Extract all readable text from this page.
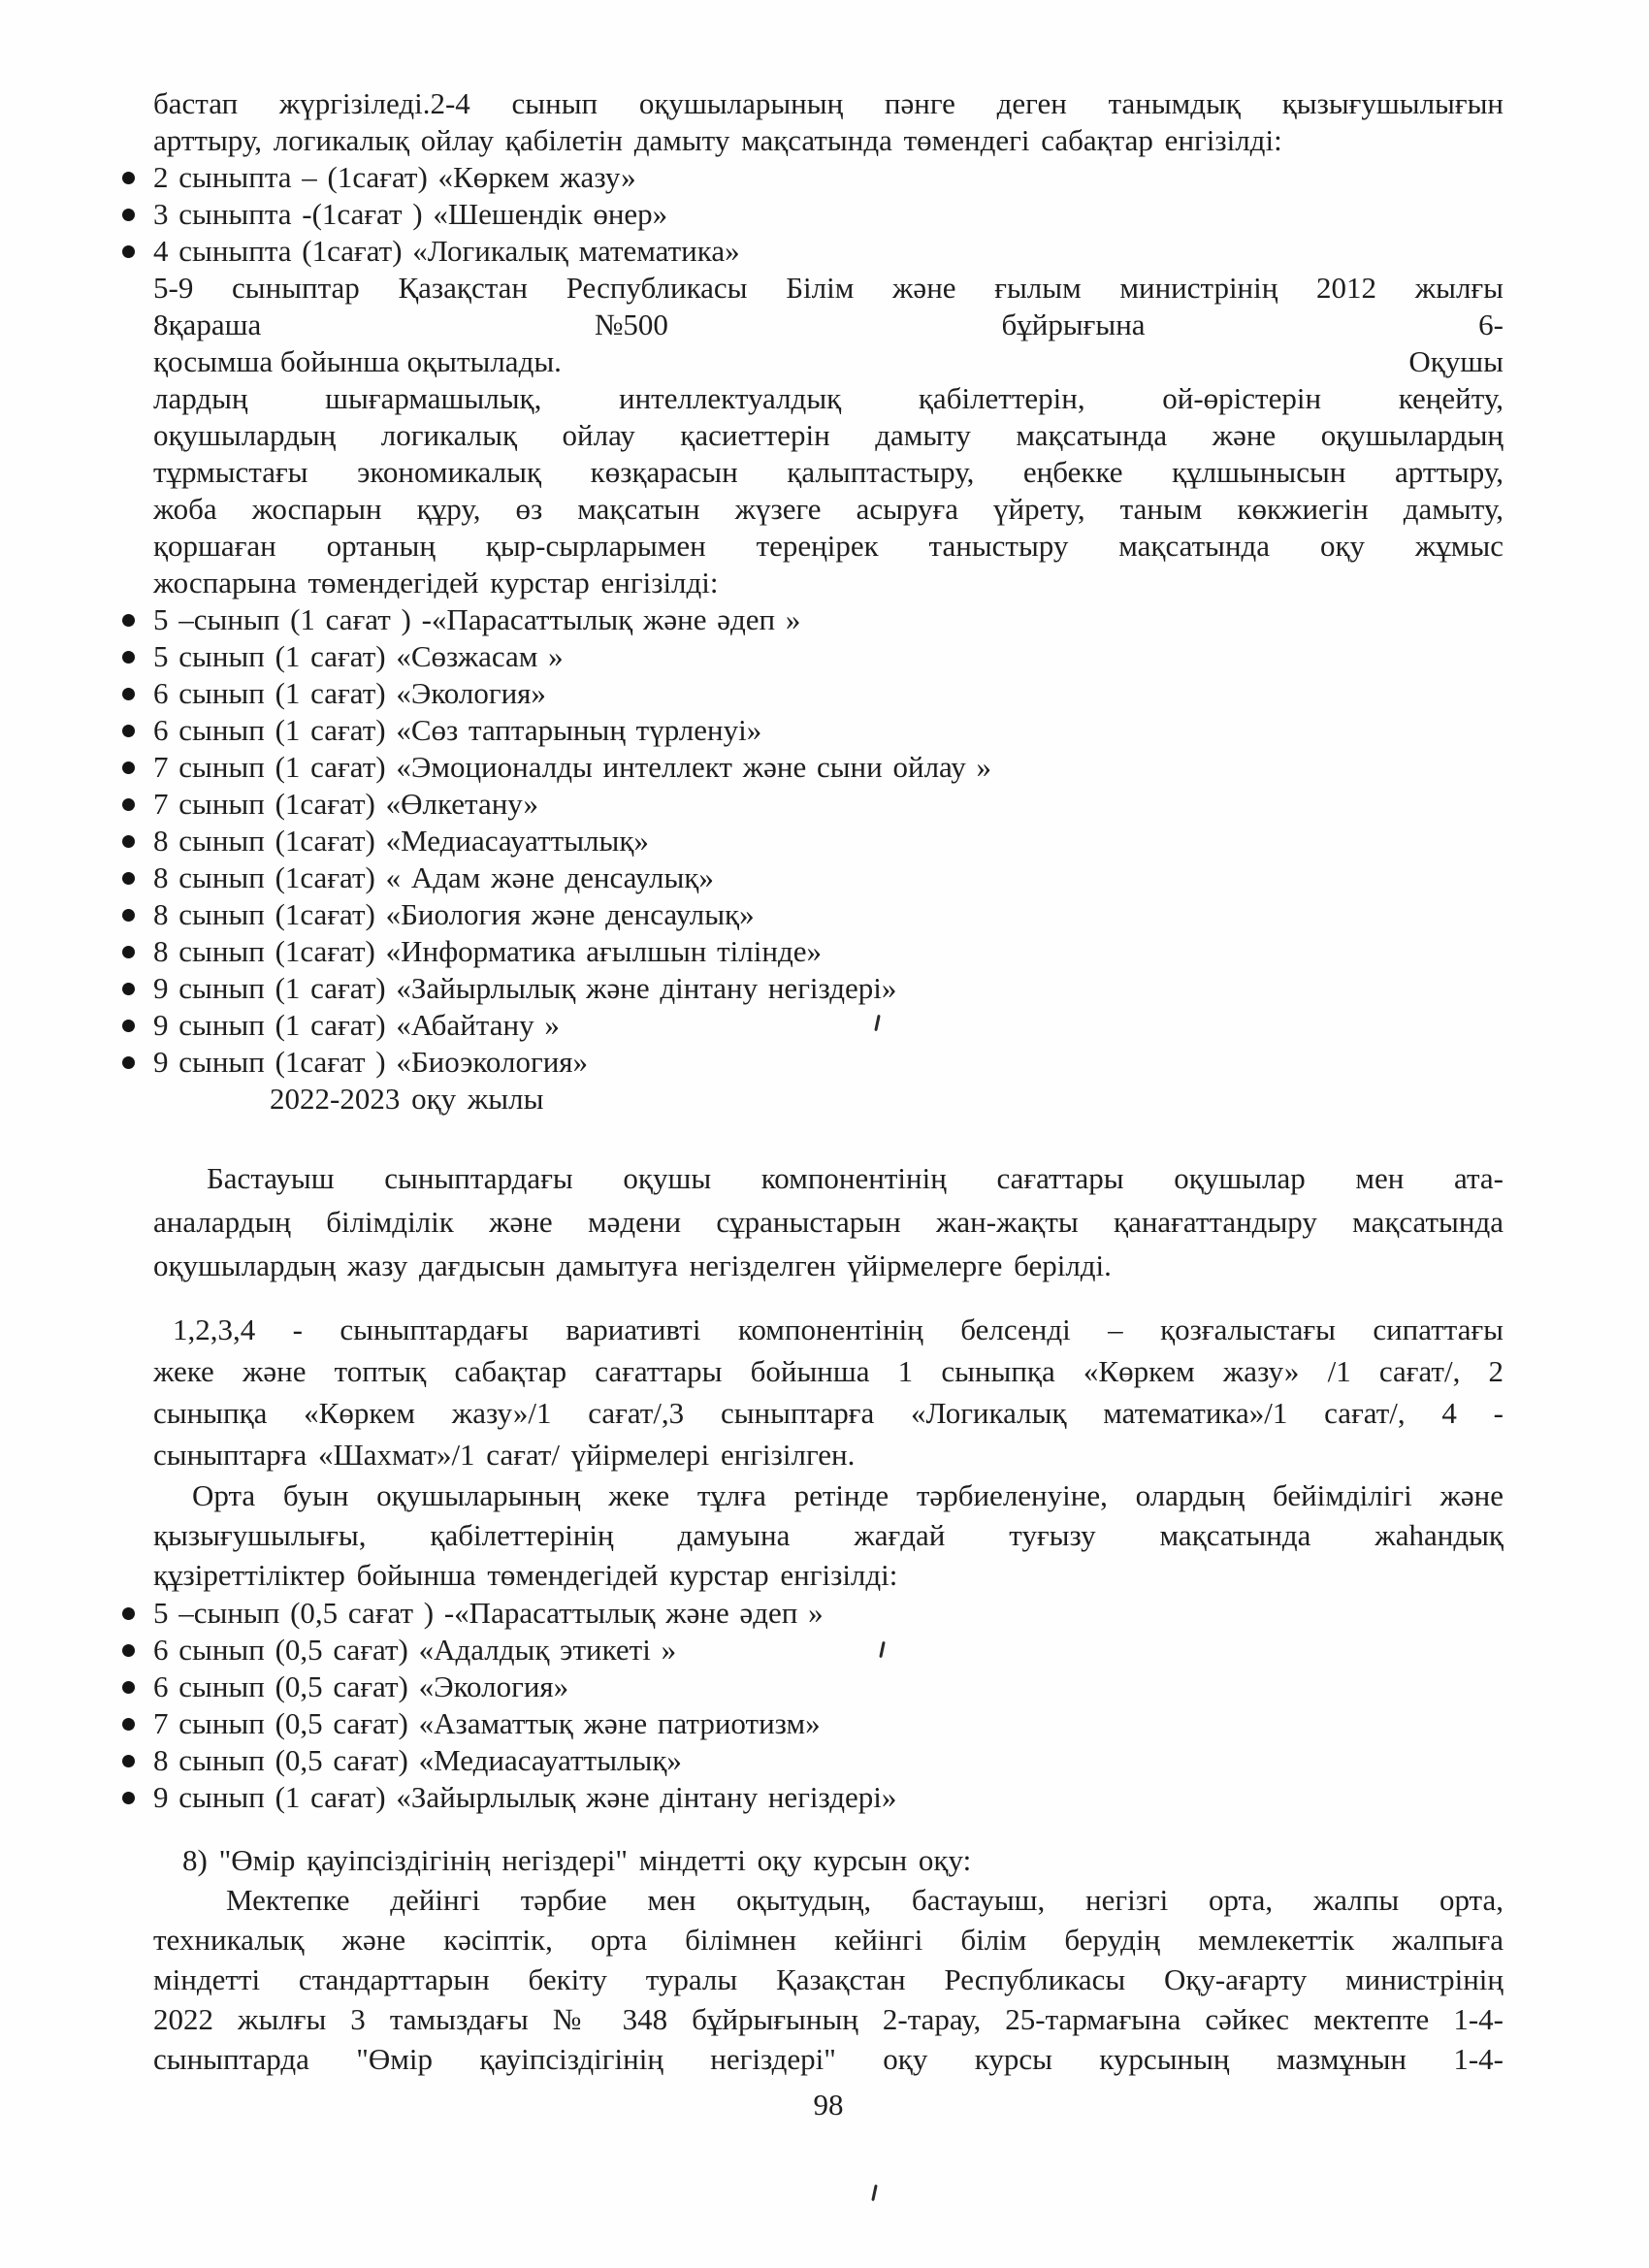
бастап жүргізіледі.2-4 сынып оқушыларының пәнге деген танымдық қызығушылығын
арттыру, логикалық ойлау қабілетін дамыту мақсатында төмендегі сабақтар енгізілді:
2 сыныпта – (1сағат) «Көркем жазу»
3 сыныпта -(1сағат ) «Шешендік өнер»
4 сыныпта (1сағат) «Логикалық математика»
5-9 сыныптар Қазақстан Республикасы Білім және ғылым министрінің 2012 жылғы
8қараша	№500	бұйрығына	6-
қосымша бойынша оқытылады.	Оқушы
лардың шығармашылық, интеллектуалдық қабілеттерін, ой-өрістерін кеңейту,
оқушылардың логикалық ойлау қасиеттерін дамыту мақсатында және оқушылардың
тұрмыстағы экономикалық көзқарасын қалыптастыру, еңбекке құлшынысын арттыру,
жоба жоспарын құру, өз мақсатын жүзеге асыруға үйрету, таным көкжиегін дамыту,
қоршаған ортаның қыр-сырларымен тереңірек таныстыру мақсатында оқу жұмыс
жоспарына төмендегідей курстар енгізілді:
5 –сынып (1 сағат ) -«Парасаттылық және әдеп »
5 сынып (1 сағат) «Сөзжасам »
6 сынып (1 сағат) «Экология»
6 сынып (1 сағат) «Сөз таптарының түрленуі»
7 сынып (1 сағат) «Эмоционалды интеллект және сыни ойлау »
7 сынып (1сағат) «Өлкетану»
8 сынып (1сағат) «Медиасауаттылық»
8 сынып (1сағат) « Адам және денсаулық»
8 сынып (1сағат) «Биология және денсаулық»
8 сынып (1сағат) «Информатика ағылшын тілінде»
9 сынып (1 сағат) «Зайырлылық және дінтану негіздері»
9 сынып (1 сағат) «Абайтану »
9 сынып (1сағат ) «Биоэкология»
2022-2023 оқу жылы
Бастауыш сыныптардағы оқушы компонентінің сағаттары оқушылар мен ата-
аналардың білімділік және мәдени сұраныстарын жан-жақты қанағаттандыру мақсатында
оқушылардың жазу дағдысын дамытуға негізделген үйірмелерге берілді.
1,2,3,4 - сыныптардағы вариативті компонентінің белсенді – қозғалыстағы сипаттағы
жеке және топтық сабақтар сағаттары бойынша 1 сыныпқа «Көркем жазу» /1 сағат/, 2
сыныпқа «Көркем жазу»/1 сағат/,3 сыныптарға «Логикалық математика»/1 сағат/, 4 -
сыныптарға «Шахмат»/1 сағат/ үйірмелері енгізілген.
Орта буын оқушыларының жеке тұлға ретінде тәрбиеленуіне, олардың бейімділігі және
қызығушылығы, қабілеттерінің дамуына жағдай туғызу мақсатында жаһандық
құзіреттіліктер бойынша төмендегідей курстар енгізілді:
5 –сынып (0,5 сағат ) -«Парасаттылық және әдеп »
6 сынып (0,5 сағат) «Адалдық этикеті »
6 сынып (0,5 сағат) «Экология»
7 сынып (0,5 сағат) «Азаматтық және патриотизм»
8 сынып (0,5 сағат) «Медиасауаттылық»
9 сынып (1 сағат) «Зайырлылық және дінтану негіздері»
8) "Өмір қауіпсіздігінің негіздері" міндетті оқу курсын оқу:
Мектепке дейінгі тәрбие мен оқытудың, бастауыш, негізгі орта, жалпы орта,
техникалық және кәсіптік, орта білімнен кейінгі білім берудің мемлекеттік жалпыға
міндетті стандарттарын бекіту туралы Қазақстан Республикасы Оқу-ағарту министрінің
2022 жылғы 3 тамыздағы № 348 бұйрығының 2-тарау, 25-тармағына сәйкес мектепте 1-4-
сыныптарда "Өмір қауіпсіздігінің негіздері" оқу курсы курсының мазмұнын 1-4-
98
